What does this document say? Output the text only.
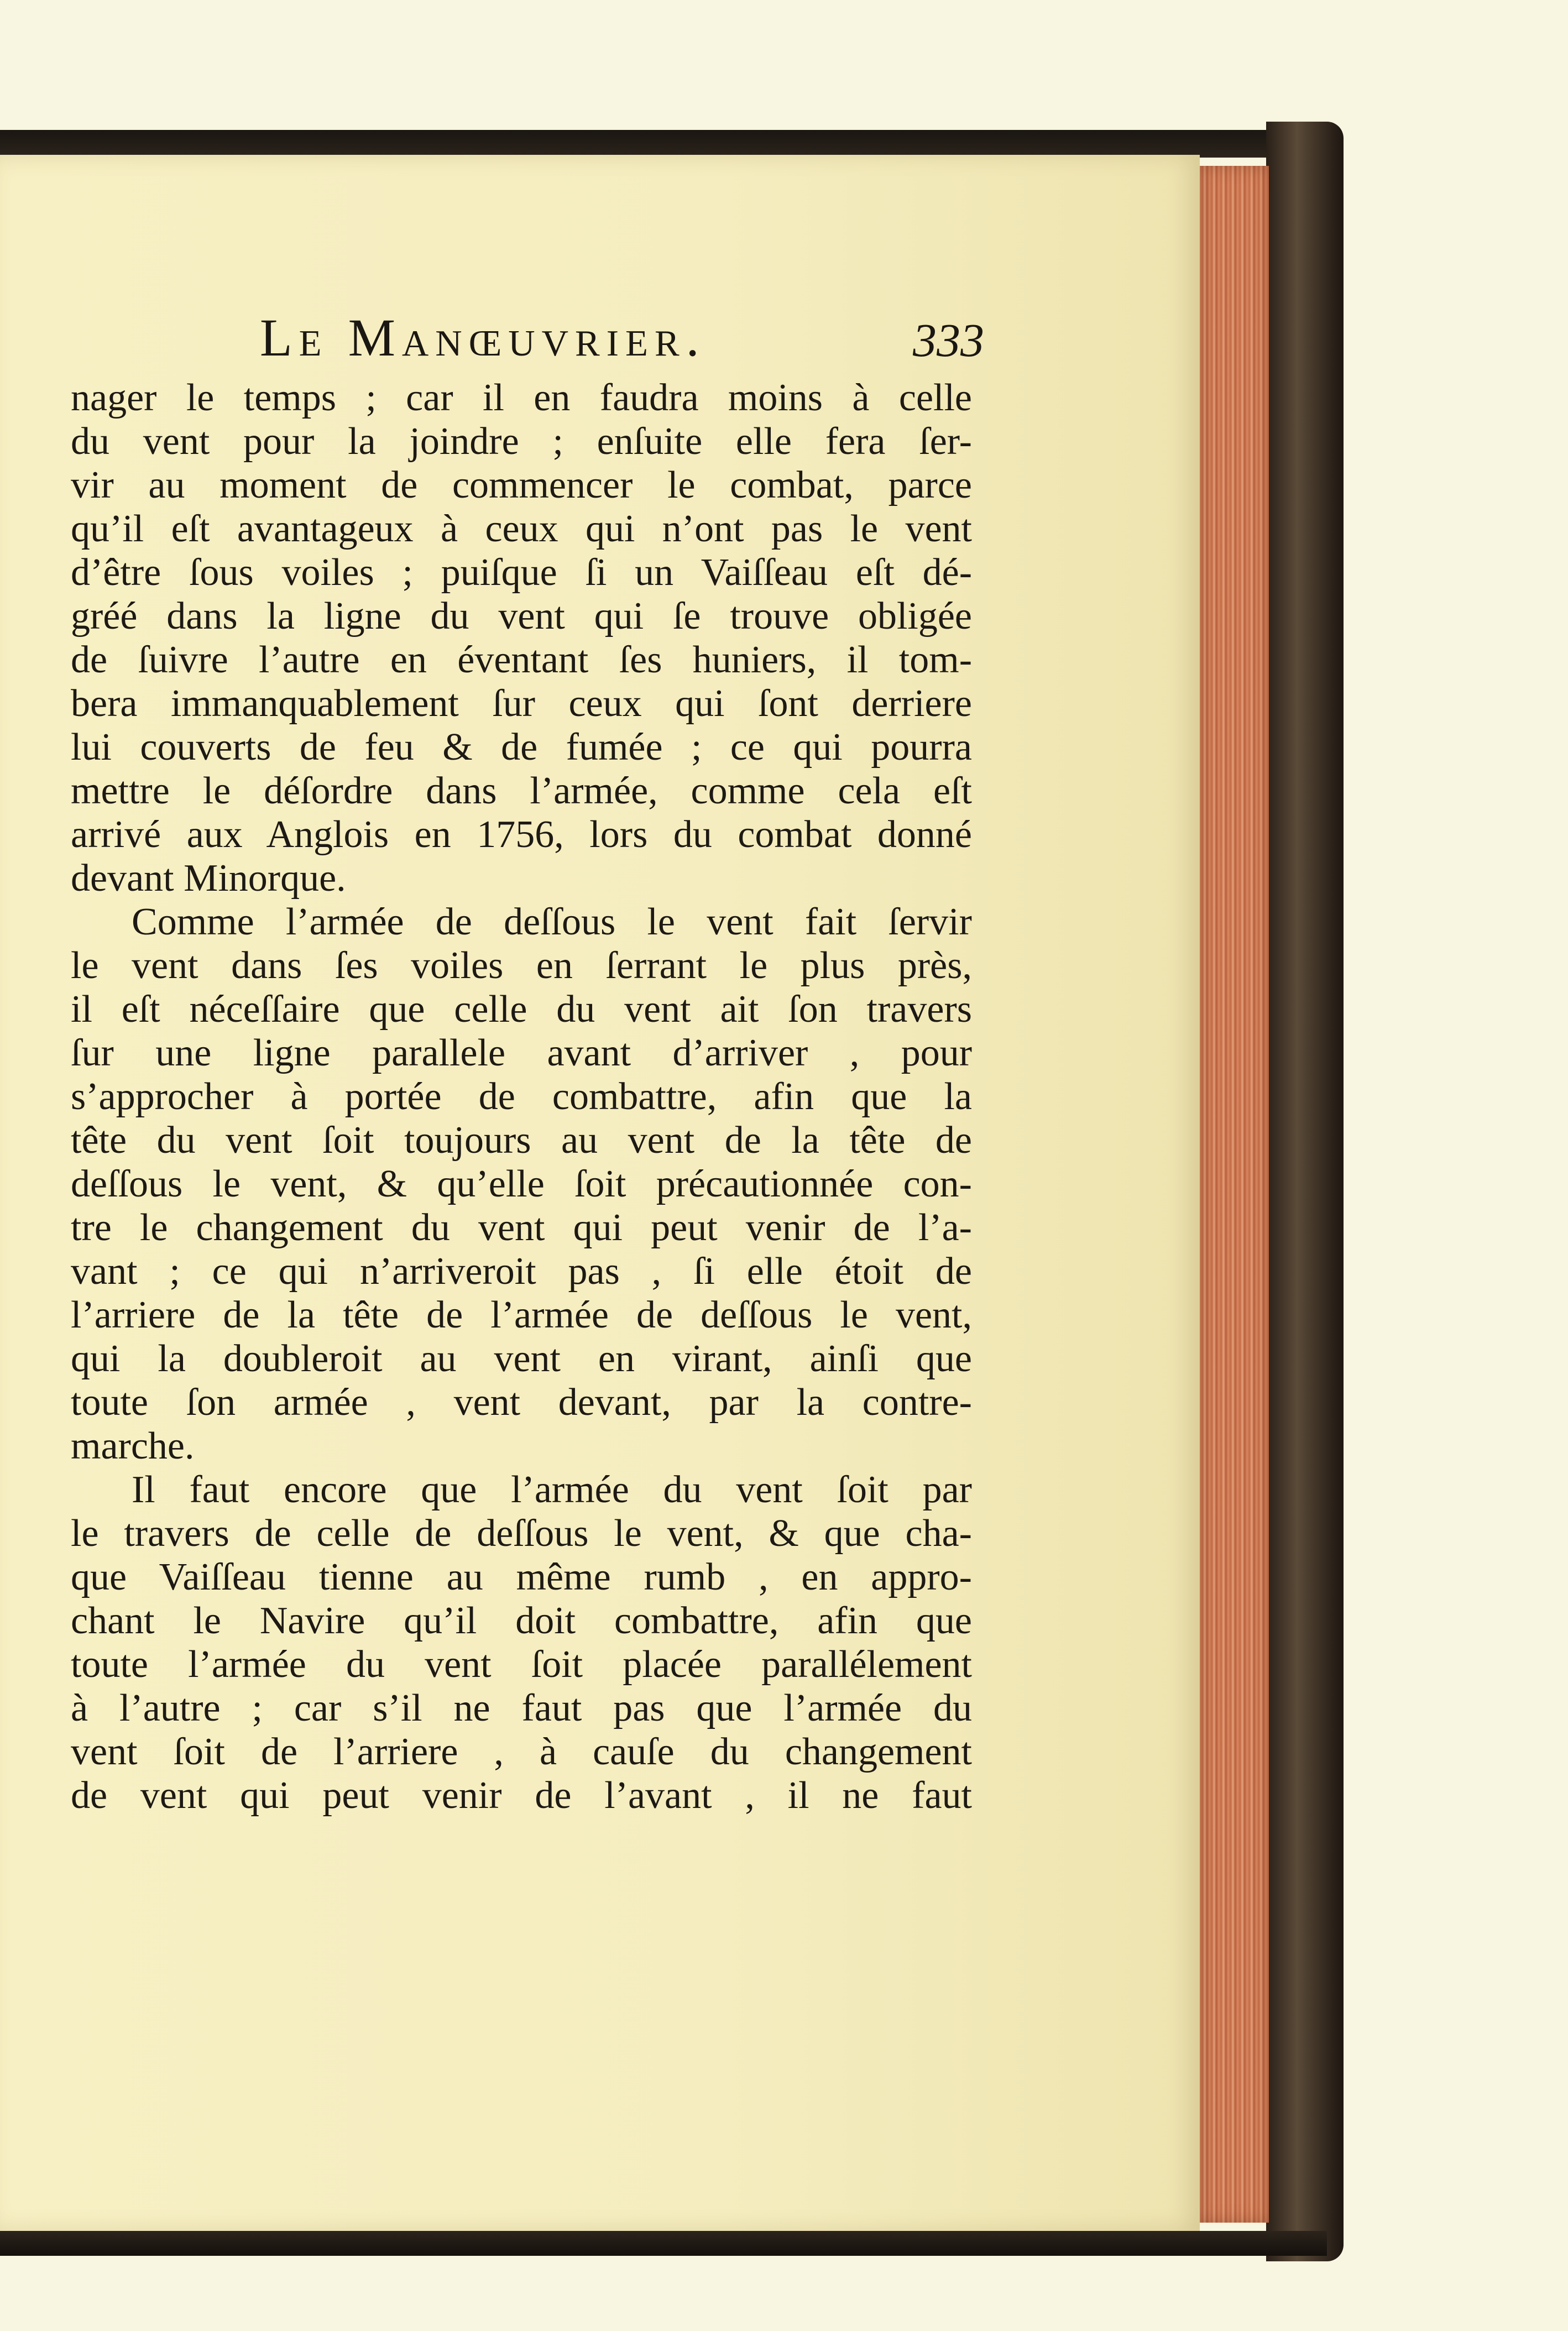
Le Manœuvrier.	333
nager le temps ; car il en faudra moins à celle
du vent pour la joindre ; enſuite elle fera ſer-
vir au moment de commencer le combat, parce
qu’il eſt avantageux à ceux qui n’ont pas le vent
d’être ſous voiles ; puiſque ſi un Vaiſſeau eſt dé-
gréé dans la ligne du vent qui ſe trouve obligée
de ſuivre l’autre en éventant ſes huniers, il tom-
bera immanquablement ſur ceux qui ſont derriere
lui couverts de feu & de fumée ; ce qui pourra
mettre le déſordre dans l’armée, comme cela eſt
arrivé aux Anglois en 1756, lors du combat donné
devant Minorque.
Comme l’armée de deſſous le vent fait ſervir
le vent dans ſes voiles en ſerrant le plus près,
il eſt néceſſaire que celle du vent ait ſon travers
ſur une ligne parallele avant d’arriver , pour
s’approcher à portée de combattre, afin que la
tête du vent ſoit toujours au vent de la tête de
deſſous le vent, & qu’elle ſoit précautionnée con-
tre le changement du vent qui peut venir de l’a-
vant ; ce qui n’arriveroit pas , ſi elle étoit de
l’arriere de la tête de l’armée de deſſous le vent,
qui la doubleroit au vent en virant, ainſi que
toute ſon armée , vent devant, par la contre-
marche.
Il faut encore que l’armée du vent ſoit par
le travers de celle de deſſous le vent, & que cha-
que Vaiſſeau tienne au même rumb , en appro-
chant le Navire qu’il doit combattre, afin que
toute l’armée du vent ſoit placée parallélement
à l’autre ; car s’il ne faut pas que l’armée du
vent ſoit de l’arriere , à cauſe du changement
de vent qui peut venir de l’avant , il ne faut
